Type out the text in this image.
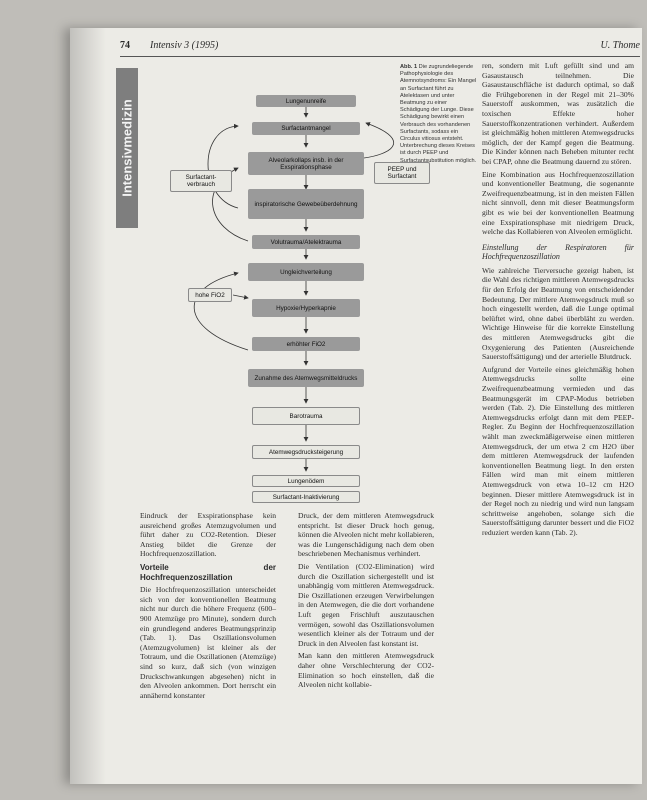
74 Intensiv 3 (1995)	U. Thome
Intensivmedizin	Lungenunreife
Surfactantmangel
Alveolarkollaps insb. in der Exspirationsphase
inspiratorische Gewebeüberdehnung
Volutrauma/Atelektrauma
Ungleichverteilung
Hypoxie/Hyperkapnie
erhöhter FiO2
Zunahme des Atemwegsmitteldrucks
Barotrauma
Atemwegsdrucksteigerung
Lungenödem
Surfactant-Inaktivierung
Surfactant-verbrauch
PEEP und Surfactant
hohe FiO2
Abb. 1 Die zugrundeliegende Pathophysiologie des Atemnotsyndroms: Ein Mangel an Surfactant führt zu Atelektasen und unter Beatmung zu einer Schädigung der Lunge. Diese Schädigung bewirkt einen Verbrauch des vorhandenen Surfactants, sodass ein Circulus vitiosus entsteht. Unterbrechung dieses Kreises ist durch PEEP und Surfactantsubstitution möglich.

Eindruck der Exspirationsphase kein ausreichend großes Atemzugvolumen und führt daher zu CO2-Retention. Dieser Anstieg bildet die Grenze der Hochfrequenzoszillation.

Vorteile der Hochfrequenzoszillation

Die Hochfrequenzoszillation unterscheidet sich von der konventionellen Beatmung nicht nur durch die höhere Frequenz (600–900 Atemzüge pro Minute), sondern durch ein grundlegend anderes Beatmungsprinzip (Tab. 1). Das Oszillationsvolumen (Atemzugvolumen) ist kleiner als der Totraum, und die Oszillationen (Atemzüge) sind so kurz, daß sich (von winzigen Druckschwankungen abgesehen) nicht in den Alveolen ankommen. Dort herrscht ein annähernd konstanter

Druck, der dem mittleren Atemwegsdruck entspricht. Ist dieser Druck hoch genug, können die Alveolen nicht mehr kollabieren, was die Lungenschädigung nach dem oben beschriebenen Mechanismus verhindert.

Die Ventilation (CO2-Elimination) wird durch die Oszillation sichergestellt und ist unabhängig vom mittleren Atemwegsdruck. Die Oszillationen erzeugen Verwirbelungen in den Atemwegen, die die dort vorhandene Luft gegen Frischluft auszutauschen vermögen, sowohl das Oszillationsvolumen wesentlich kleiner als der Totraum und der Druck in den Alveolen fast konstant ist.

Man kann den mittleren Atemwegsdruck daher ohne Verschlechterung der CO2-Elimination so hoch einstellen, daß die Alveolen nicht kollabie-

ren, sondern mit Luft gefüllt sind und am Gasaustausch teilnehmen. Die Gasaustauschfläche ist dadurch optimal, so daß die Frühgeborenen in der Regel mit 21–30% Sauerstoff auskommen, was zusätzlich die toxischen Effekte hoher Sauerstoffkonzentrationen verhindert. Außerdem ist gleichmäßig hohen mittleren Atemwegsdrucks möglich, der der Kampf gegen die Beatmung. Die Kinder können nach Beheben mitunter recht bei CPAP, ohne die Beatmung dauernd zu stören.

Eine Kombination aus Hochfrequenzoszillation und konventioneller Beatmung, die sogenannte Zweifrequenzbeatmung, ist in den meisten Fällen nicht sinnvoll, denn mit dieser Beatmungsform gibt es wie bei der konventionellen Beatmung eine Exspirationsphase mit niedrigem Druck, welche das Kollabieren von Alveolen ermöglicht.

Einstellung der Respiratoren für Hochfrequenzoszillation

Wie zahlreiche Tierversuche gezeigt haben, ist die Wahl des richtigen mittleren Atemwegsdrucks für den Erfolg der Beatmung von entscheidender Bedeutung. Der mittlere Atemwegsdruck muß so hoch eingestellt werden, daß die Lunge optimal belüftet wird, ohne dabei überbläht zu werden. Wichtige Hinweise für die korrekte Einstellung des mittleren Atemwegsdrucks gibt die Oxygenierung des Patienten (Ausreichende Sauerstoffsättigung) und der arterielle Blutdruck.

Aufgrund der Vorteile eines gleichmäßig hohen Atemwegsdrucks sollte eine Zweifrequenzbeatmung vermieden und das Beatmungsgerät im CPAP-Modus betrieben werden (Tab. 2). Die Einstellung des mittleren Atemwegsdrucks erfolgt dann mit dem PEEP-Regler. Zu Beginn der Hochfrequenzoszillation wählt man zweckmäßigerweise einen mittleren Atemwegsdruck, der um etwa 2 cm H2O über dem mittleren Atemwegsdruck der laufenden konventionellen Beatmung liegt. In den ersten Fällen wird man mit einem mittleren Atemwegsdruck von etwa 10–12 cm H2O beginnen. Dieser mittlere Atemwegsdruck ist in der Regel noch zu niedrig und wird nun langsam schrittweise angehoben, solange sich die Sauerstoffsättigung darunter bessert und die FiO2 reduziert werden kann (Tab. 2).
